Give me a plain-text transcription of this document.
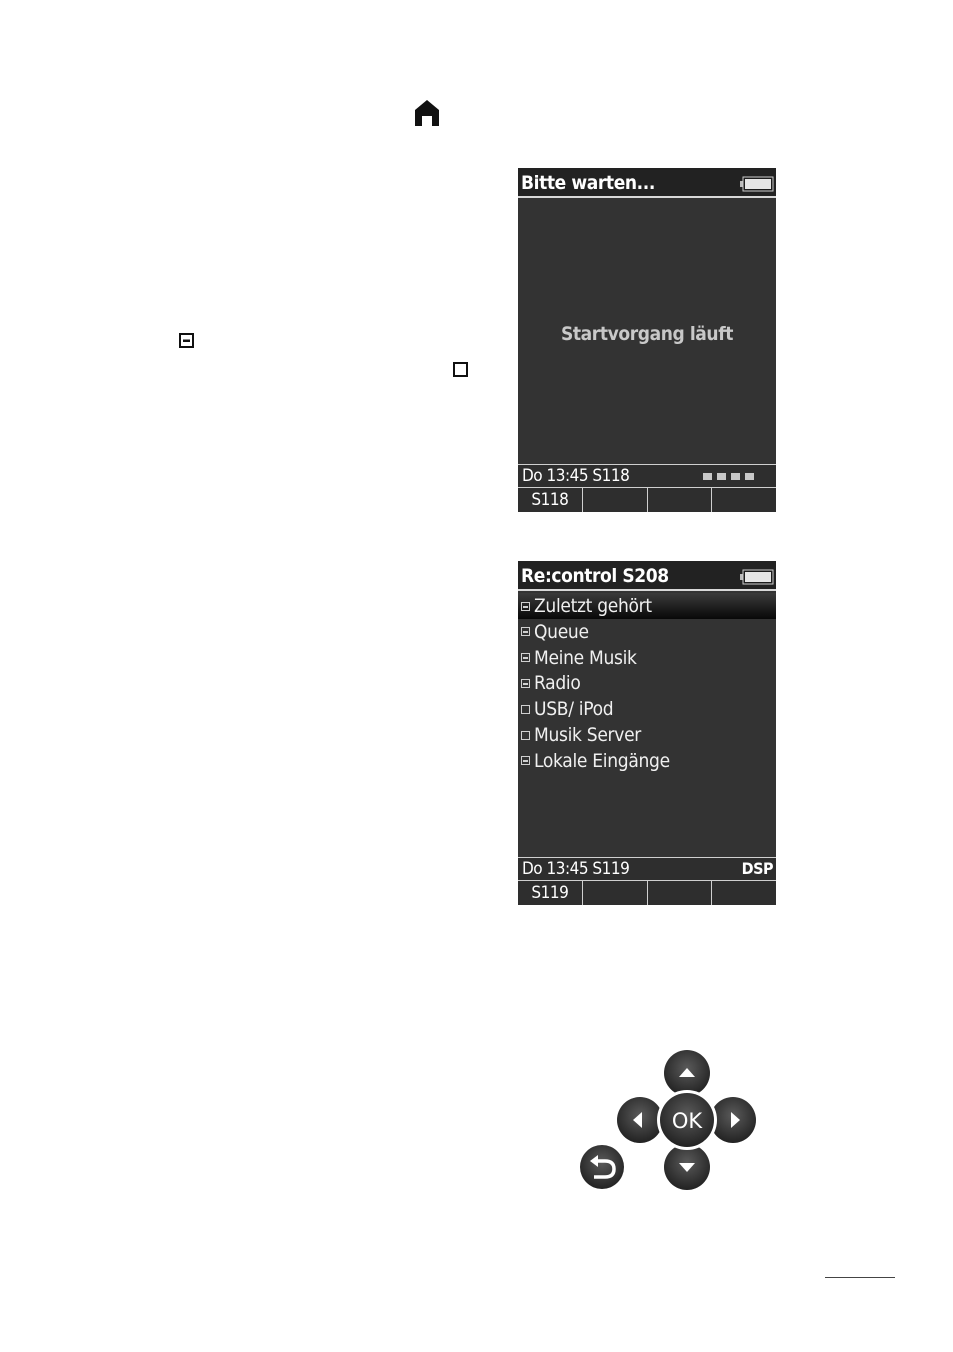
Bitte warten...
Startvorgang läuft
Do 13:45 S118
S118
Re:control S208
Zuletzt gehört
Queue
Meine Musik
Radio
USB/ iPod
Musik Server
Lokale Eingänge
Do 13:45 S119	DSP
S119
OK
